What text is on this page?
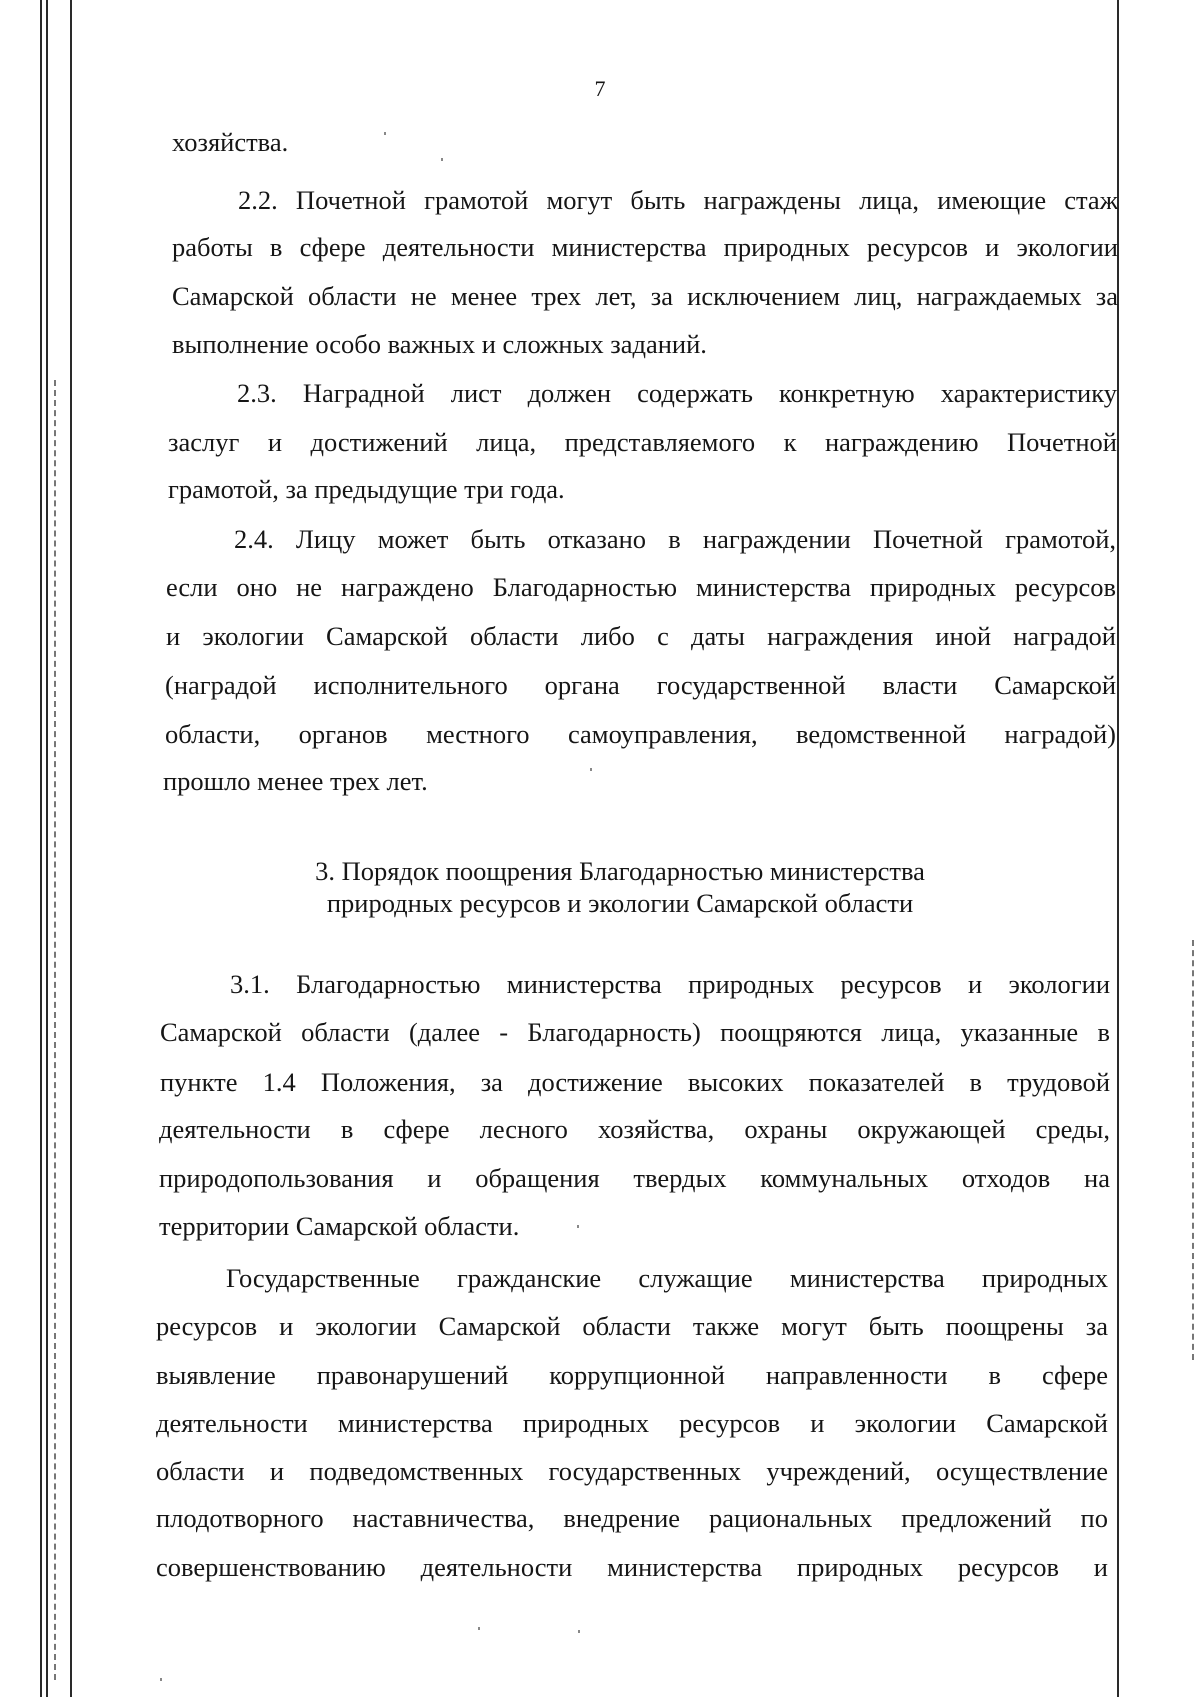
7
хозяйства.
2.2. Почетной грамотой могут быть награждены лица, имеющие стаж
работы в сфере деятельности министерства природных ресурсов и экологии
Самарской области не менее трех лет, за исключением лиц, награждаемых за
выполнение особо важных и сложных заданий.
2.3. Наградной лист должен содержать конкретную характеристику
заслуг и достижений лица, представляемого к награждению Почетной
грамотой, за предыдущие три года.
2.4. Лицу может быть отказано в награждении Почетной грамотой,
если оно не награждено Благодарностью министерства природных ресурсов
и экологии Самарской области либо с даты награждения иной наградой
(наградой исполнительного органа государственной власти Самарской
области, органов местного самоуправления, ведомственной наградой)
прошло менее трех лет.
3. Порядок поощрения Благодарностью министерства
природных ресурсов и экологии Самарской области
3.1. Благодарностью министерства природных ресурсов и экологии
Самарской области (далее - Благодарность) поощряются лица, указанные в
пункте 1.4 Положения, за достижение высоких показателей в трудовой
деятельности в сфере лесного хозяйства, охраны окружающей среды,
природопользования и обращения твердых коммунальных отходов на
территории Самарской области.
Государственные гражданские служащие министерства природных
ресурсов и экологии Самарской области также могут быть поощрены за
выявление правонарушений коррупционной направленности в сфере
деятельности министерства природных ресурсов и экологии Самарской
области и подведомственных государственных учреждений, осуществление
плодотворного наставничества, внедрение рациональных предложений по
совершенствованию деятельности министерства природных ресурсов и
